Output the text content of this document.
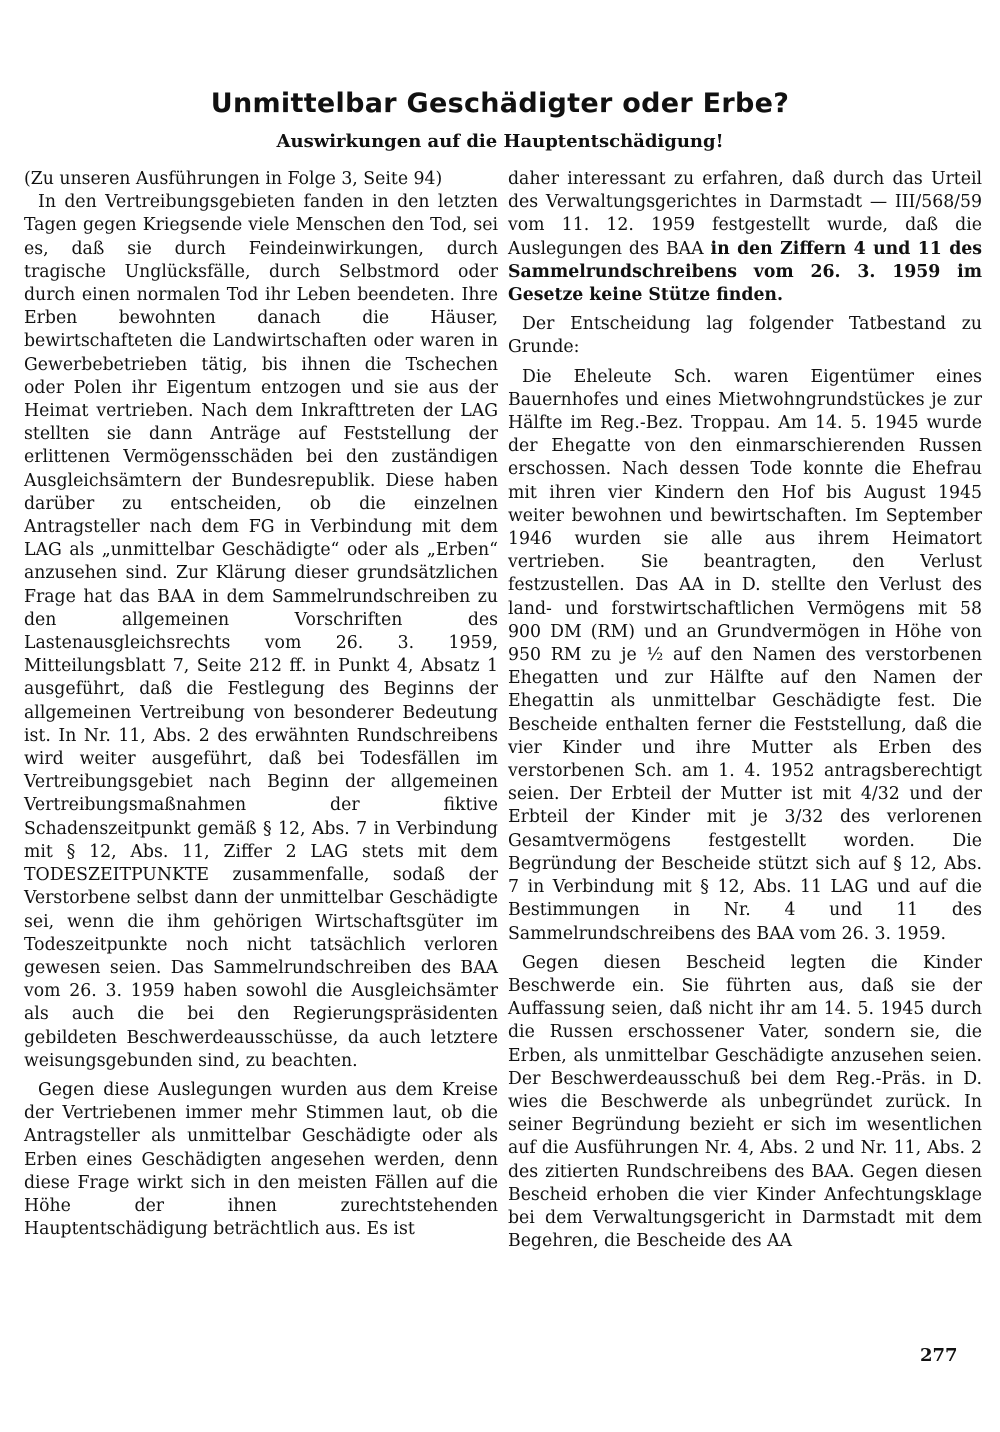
Unmittelbar Geschädigter oder Erbe?
Auswirkungen auf die Hauptentschädigung!

(Zu unseren Ausführungen in Folge 3, Seite 94)

In den Vertreibungsgebieten fanden in den letzten Tagen gegen Kriegsende viele Menschen den Tod, sei es, daß sie durch Feindeinwirkungen, durch tragische Unglücksfälle, durch Selbstmord oder durch einen normalen Tod ihr Leben beendeten. Ihre Erben bewohnten danach die Häuser, bewirtschafteten die Landwirtschaften oder waren in Gewerbebetrieben tätig, bis ihnen die Tschechen oder Polen ihr Eigentum entzogen und sie aus der Heimat vertrieben. Nach dem Inkrafttreten der LAG stellten sie dann Anträge auf Feststellung der erlittenen Vermögensschäden bei den zuständigen Ausgleichsämtern der Bundesrepublik. Diese haben darüber zu entscheiden, ob die einzelnen Antragsteller nach dem FG in Verbindung mit dem LAG als „unmittelbar Geschädigte“ oder als „Erben“ anzusehen sind. Zur Klärung dieser grundsätzlichen Frage hat das BAA in dem Sammelrundschreiben zu den allgemeinen Vorschriften des Lastenausgleichsrechts vom 26. 3. 1959, Mitteilungsblatt 7, Seite 212 ff. in Punkt 4, Absatz 1 ausgeführt, daß die Festlegung des Beginns der allgemeinen Vertreibung von besonderer Bedeutung ist. In Nr. 11, Abs. 2 des erwähnten Rundschreibens wird weiter ausgeführt, daß bei Todesfällen im Vertreibungsgebiet nach Beginn der allgemeinen Vertreibungsmaßnahmen der fiktive Schadenszeitpunkt gemäß § 12, Abs. 7 in Verbindung mit § 12, Abs. 11, Ziffer 2 LAG stets mit dem TODESZEITPUNKTE zusammenfalle, sodaß der Verstorbene selbst dann der unmittelbar Geschädigte sei, wenn die ihm gehörigen Wirtschaftsgüter im Todeszeitpunkte noch nicht tatsächlich verloren gewesen seien. Das Sammelrundschreiben des BAA vom 26. 3. 1959 haben sowohl die Ausgleichsämter als auch die bei den Regierungspräsidenten gebildeten Beschwerdeausschüsse, da auch letztere weisungsgebunden sind, zu beachten.

Gegen diese Auslegungen wurden aus dem Kreise der Vertriebenen immer mehr Stimmen laut, ob die Antragsteller als unmittelbar Geschädigte oder als Erben eines Geschädigten angesehen werden, denn diese Frage wirkt sich in den meisten Fällen auf die Höhe der ihnen zurechtstehenden Hauptentschädigung beträchtlich aus. Es ist

daher interessant zu erfahren, daß durch das Urteil des Verwaltungsgerichtes in Darmstadt — III/568/59 vom 11. 12. 1959 festgestellt wurde, daß die Auslegungen des BAA in den Ziffern 4 und 11 des Sammelrundschreibens vom 26. 3. 1959 im Gesetze keine Stütze finden.

Der Entscheidung lag folgender Tatbestand zu Grunde:

Die Eheleute Sch. waren Eigentümer eines Bauernhofes und eines Mietwohngrundstückes je zur Hälfte im Reg.-Bez. Troppau. Am 14. 5. 1945 wurde der Ehegatte von den einmarschierenden Russen erschossen. Nach dessen Tode konnte die Ehefrau mit ihren vier Kindern den Hof bis August 1945 weiter bewohnen und bewirtschaften. Im September 1946 wurden sie alle aus ihrem Heimatort vertrieben. Sie beantragten, den Verlust festzustellen. Das AA in D. stellte den Verlust des land- und forstwirtschaftlichen Vermögens mit 58 900 DM (RM) und an Grundvermögen in Höhe von 950 RM zu je ½ auf den Namen des verstorbenen Ehegatten und zur Hälfte auf den Namen der Ehegattin als unmittelbar Geschädigte fest. Die Bescheide enthalten ferner die Feststellung, daß die vier Kinder und ihre Mutter als Erben des verstorbenen Sch. am 1. 4. 1952 antragsberechtigt seien. Der Erbteil der Mutter ist mit 4/32 und der Erbteil der Kinder mit je 3/32 des verlorenen Gesamtvermögens festgestellt worden. Die Begründung der Bescheide stützt sich auf § 12, Abs. 7 in Verbindung mit § 12, Abs. 11 LAG und auf die Bestimmungen in Nr. 4 und 11 des Sammelrundschreibens des BAA vom 26. 3. 1959.

Gegen diesen Bescheid legten die Kinder Beschwerde ein. Sie führten aus, daß sie der Auffassung seien, daß nicht ihr am 14. 5. 1945 durch die Russen erschossener Vater, sondern sie, die Erben, als unmittelbar Geschädigte anzusehen seien. Der Beschwerdeausschuß bei dem Reg.-Präs. in D. wies die Beschwerde als unbegründet zurück. In seiner Begründung bezieht er sich im wesentlichen auf die Ausführungen Nr. 4, Abs. 2 und Nr. 11, Abs. 2 des zitierten Rundschreibens des BAA. Gegen diesen Bescheid erhoben die vier Kinder Anfechtungsklage bei dem Verwaltungsgericht in Darmstadt mit dem Begehren, die Bescheide des AA

277
